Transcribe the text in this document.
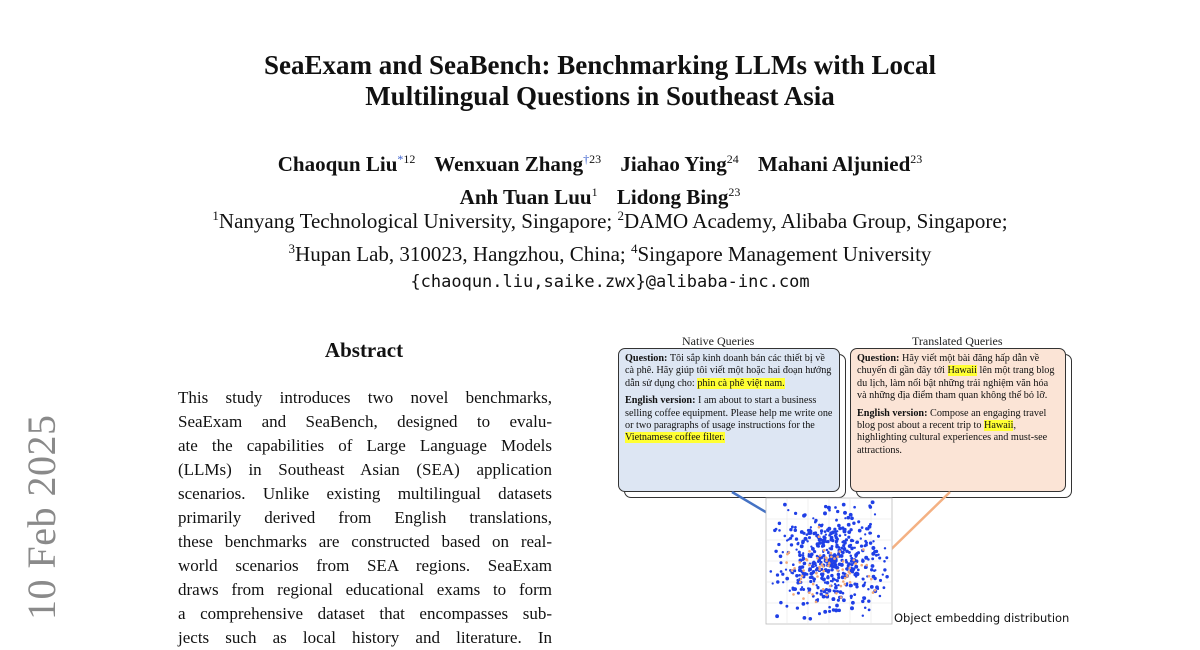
10 Feb 2025
SeaExam and SeaBench: Benchmarking LLMs with Local
Multilingual Questions in Southeast Asia
Chaoqun Liu$^{*12}$ Wenxuan Zhang$^{\dagger 23}$ Jiahao Ying$^{24}$ Mahani Aljunied$^{23}$
Anh Tuan Luu$^1$ Lidong Bing$^{23}$
$^1$Nanyang Technological University, Singapore; $^2$DAMO Academy, Alibaba Group, Singapore;
$^3$Hupan Lab, 310023, Hangzhou, China; $^4$Singapore Management University
{chaoqun.liu,saike.zwx}@alibaba-inc.com
Abstract

This study introduces two novel benchmarks,
SeaExam and SeaBench, designed to evalu-
ate the capabilities of Large Language Models
(LLMs) in Southeast Asian (SEA) application
scenarios. Unlike existing multilingual datasets
primarily derived from English translations,
these benchmarks are constructed based on real-
world scenarios from SEA regions. SeaExam
draws from regional educational exams to form
a comprehensive dataset that encompasses sub-
jects such as local history and literature. In

Native Queries	Translated Queries

Question: Tôi sắp kinh doanh bán các thiết bị về cà phê. Hãy giúp tôi viết một hoặc hai đoạn hướng dẫn sử dụng cho: phin cà phê việt nam.

English version: I am about to start a business selling coffee equipment. Please help me write one or two paragraphs of usage instructions for the Vietnamese coffee filter.

Question: Hãy viết một bài đăng hấp dẫn về chuyến đi gần đây tới Hawaii lên một trang blog du lịch, làm nổi bật những trải nghiệm văn hóa và những địa điểm tham quan không thể bỏ lỡ.

English version: Compose an engaging travel blog post about a recent trip to Hawaii, highlighting cultural experiences and must-see attractions.

Object embedding distribution
